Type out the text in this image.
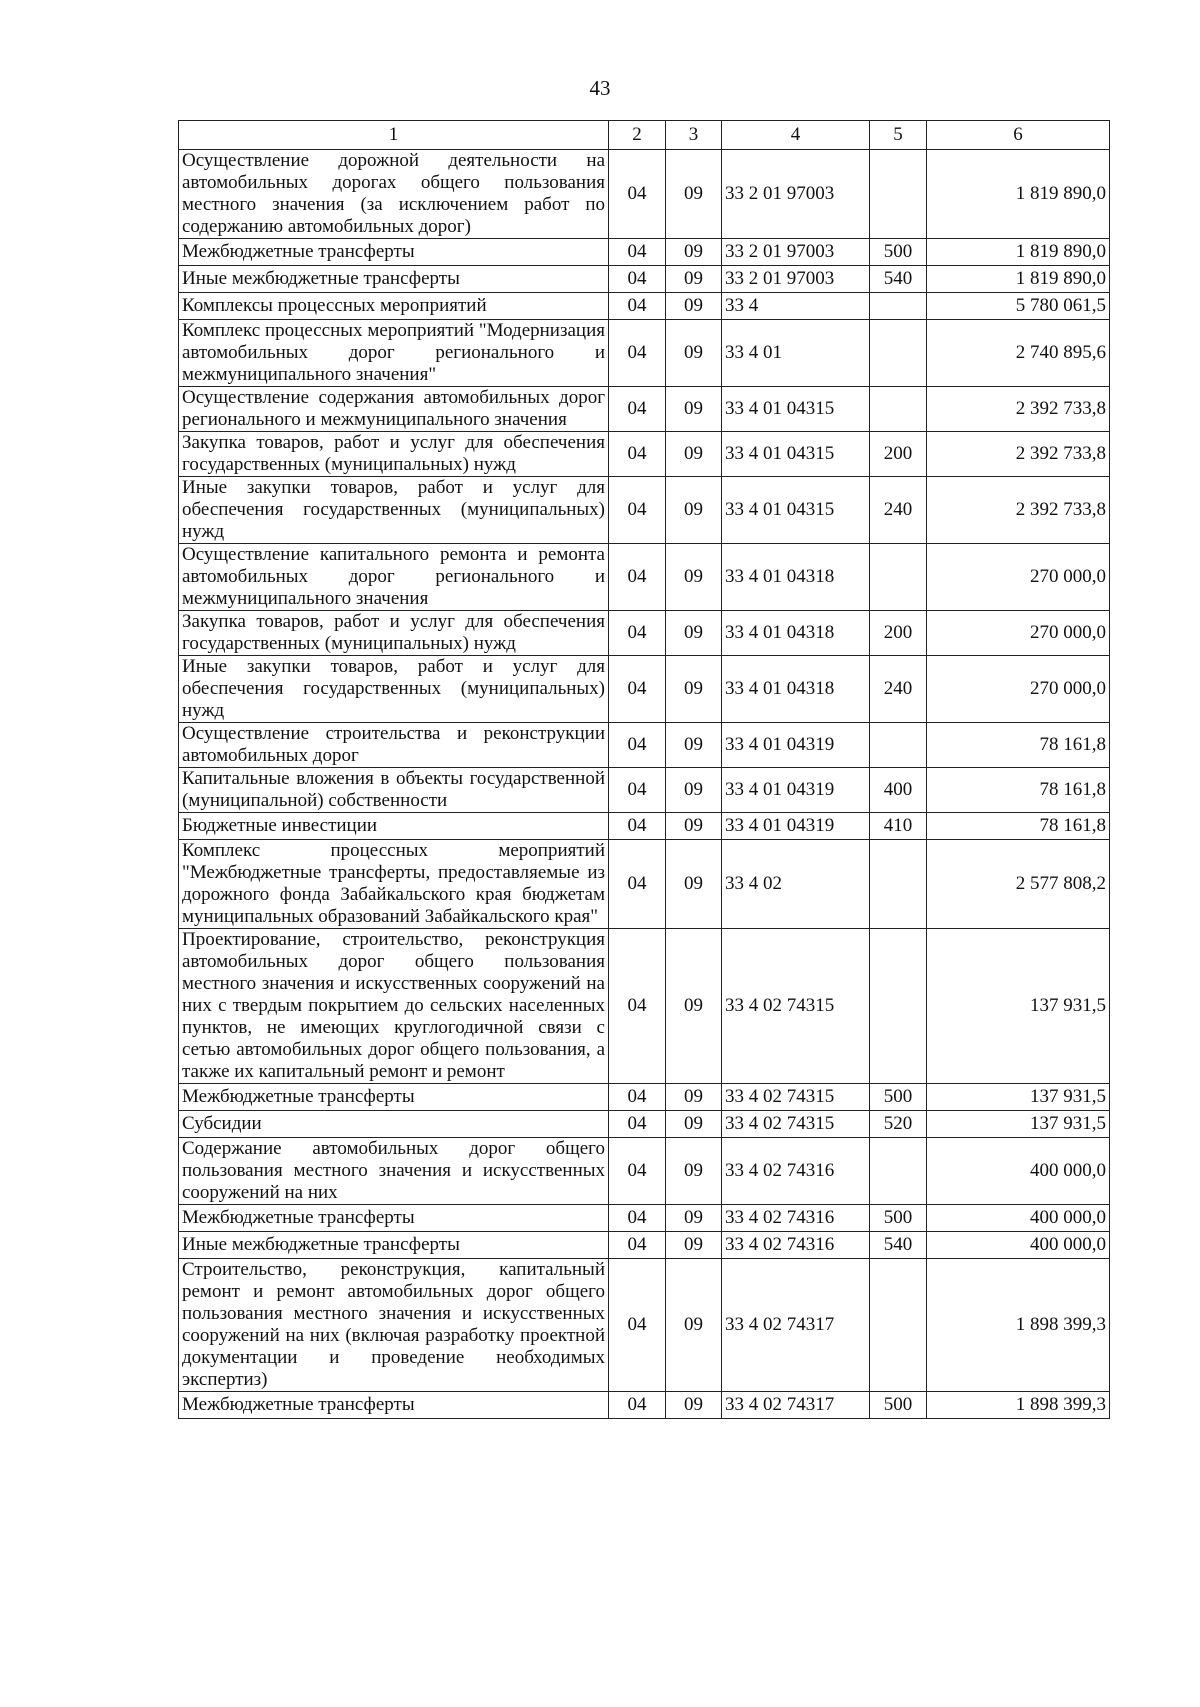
43
1	2	3	4	5	6
Осуществление дорожной деятельности на автомобильных дорогах общего пользования местного значения (за исключением работ по содержанию автомобильных дорог)	04	09	33 2 01 97003		1 819 890,0
Межбюджетные трансферты	04	09	33 2 01 97003	500	1 819 890,0
Иные межбюджетные трансферты	04	09	33 2 01 97003	540	1 819 890,0
Комплексы процессных мероприятий	04	09	33 4		5 780 061,5
Комплекс процессных мероприятий "Модернизация автомобильных дорог регионального и межмуниципального значения"	04	09	33 4 01		2 740 895,6
Осуществление содержания автомобильных дорог регионального и межмуниципального значения	04	09	33 4 01 04315		2 392 733,8
Закупка товаров, работ и услуг для обеспечения государственных (муниципальных) нужд	04	09	33 4 01 04315	200	2 392 733,8
Иные закупки товаров, работ и услуг для обеспечения государственных (муниципальных) нужд	04	09	33 4 01 04315	240	2 392 733,8
Осуществление капитального ремонта и ремонта автомобильных дорог регионального и межмуниципального значения	04	09	33 4 01 04318		270 000,0
Закупка товаров, работ и услуг для обеспечения государственных (муниципальных) нужд	04	09	33 4 01 04318	200	270 000,0
Иные закупки товаров, работ и услуг для обеспечения государственных (муниципальных) нужд	04	09	33 4 01 04318	240	270 000,0
Осуществление строительства и реконструкции автомобильных дорог	04	09	33 4 01 04319		78 161,8
Капитальные вложения в объекты государственной (муниципальной) собственности	04	09	33 4 01 04319	400	78 161,8
Бюджетные инвестиции	04	09	33 4 01 04319	410	78 161,8
Комплекс процессных мероприятий "Межбюджетные трансферты, предоставляемые из дорожного фонда Забайкальского края бюджетам муниципальных образований Забайкальского края"	04	09	33 4 02		2 577 808,2
Проектирование, строительство, реконструкция автомобильных дорог общего пользования местного значения и искусственных сооружений на них с твердым покрытием до сельских населенных пунктов, не имеющих круглогодичной связи с сетью автомобильных дорог общего пользования, а также их капитальный ремонт и ремонт	04	09	33 4 02 74315		137 931,5
Межбюджетные трансферты	04	09	33 4 02 74315	500	137 931,5
Субсидии	04	09	33 4 02 74315	520	137 931,5
Содержание автомобильных дорог общего пользования местного значения и искусственных сооружений на них	04	09	33 4 02 74316		400 000,0
Межбюджетные трансферты	04	09	33 4 02 74316	500	400 000,0
Иные межбюджетные трансферты	04	09	33 4 02 74316	540	400 000,0
Строительство, реконструкция, капитальный ремонт и ремонт автомобильных дорог общего пользования местного значения и искусственных сооружений на них (включая разработку проектной документации и проведение необходимых экспертиз)	04	09	33 4 02 74317		1 898 399,3
Межбюджетные трансферты	04	09	33 4 02 74317	500	1 898 399,3
